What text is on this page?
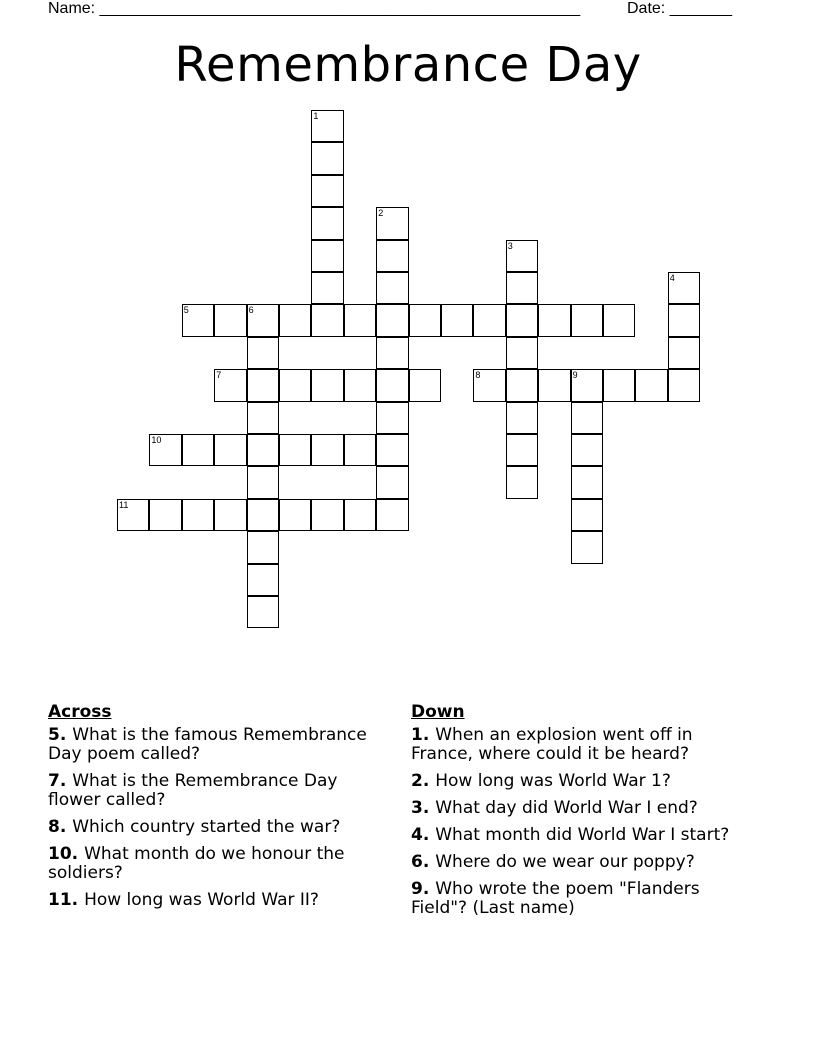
Name: ______________________________________________________	Date: _______
Remembrance Day
1
2
3
4
5	6
7	8	9
10
11
Across
5. What is the famous Remembrance Day poem called?
7. What is the Remembrance Day flower called?
8. Which country started the war?
10. What month do we honour the soldiers?
11. How long was World War II?
Down
1. When an explosion went off in France, where could it be heard?
2. How long was World War 1?
3. What day did World War I end?
4. What month did World War I start?
6. Where do we wear our poppy?
9. Who wrote the poem "Flanders Field"? (Last name)
